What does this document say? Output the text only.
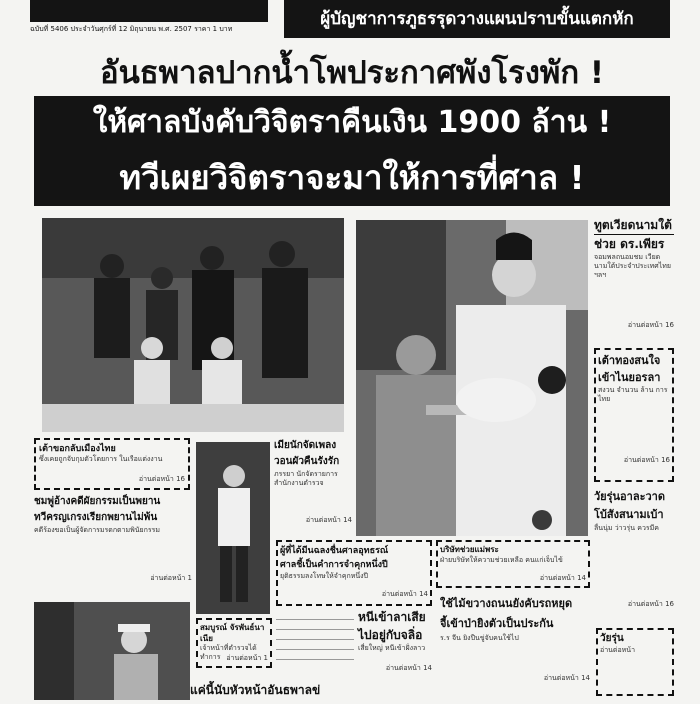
ฉบับที่ 5406 ประจำวันศุกร์ที่ 12 มิถุนายน พ.ศ. 2507 ราคา 1 บาท	ผู้บัญชาการภูธรรุดวางแผนปราบขั้นแตกหัก
อันธพาลปากน้ำโพประกาศพังโรงพัก !
ให้ศาลบังคับวิจิตราคืนเงิน 1900 ล้าน !
ทวีเผยวิจิตราจะมาให้การที่ศาล !
ทูตเวียดนามใต้
ช่วย ดร.เพียร
จอมพลถนอมชม เวียด นามใต้ประจำประเทศไทย ฯลฯ
อ่านต่อหน้า 16
เต้าทองสนใจ
เข้าไนยอรลา
สงวน จำนวน ล้าน การไทย
อ่านต่อหน้า 16
วัยรุ่นอาละวาด
โบ้สังสนามเบ้า
ลื่นนุ่ม ว่าวรุ่น ควรมีค
อ่านต่อหน้า 16
วัยรุ่น
อ่านต่อหน้า
เต้าขอกลับเมืองไทย
ซึ่งเคยถูกจับกุมตัวโดยการ ในเรือแต่งงาน
อ่านต่อหน้า 16
ชมพู่อ้างคดีผัยกรรมเป็นพยาน
ทวีครญเกรงเรียกพยานไม่พ้น
คดีร้องขอเป็นผู้จัดการมรดกตามพินัยกรรม
อ่านต่อหน้า 1
สมบูรณ์ จัรพันธ์นาเนีย
เจ้าหน้าที่ตำรวจได้ทำการ อ่านต่อหน้า 1
เมียนักจัดเพลง
วอนผัวคืนรังรัก
ภรรยา นักจัดรายการ สำนักงานตำรวจ
อ่านต่อหน้า 14
ผู้ที่ได้มีนฉลงชื่นศาลอุทธรณ์
ศาลชี้เป็นคำการจำคุกหนึ่งปี
ยุติธรรมลงโทษให้จำคุกหนึ่งปี
อ่านต่อหน้า 14
หนีเข้าลาเสีย
ไปอยู่กับจลิ่อ
เสี่ยใหญ่ หนีเข้าฝั่งลาว
อ่านต่อหน้า 14
บริษัทช่วยแม่พระ
ฝ่ายบริษัทให้ความช่วยเหลือ คนแก่เจ็บไข้
อ่านต่อหน้า 14
ใช้ไม้ขวางถนนยังคับรถหยุด
จี้เข้าป่ายิงตัวเป็นประกัน
ร.ร จีน ยิงปืนขู่จับคนใช้ไป
อ่านต่อหน้า 14
แค่นี้นับหัวหน้าอันธพาลข่
